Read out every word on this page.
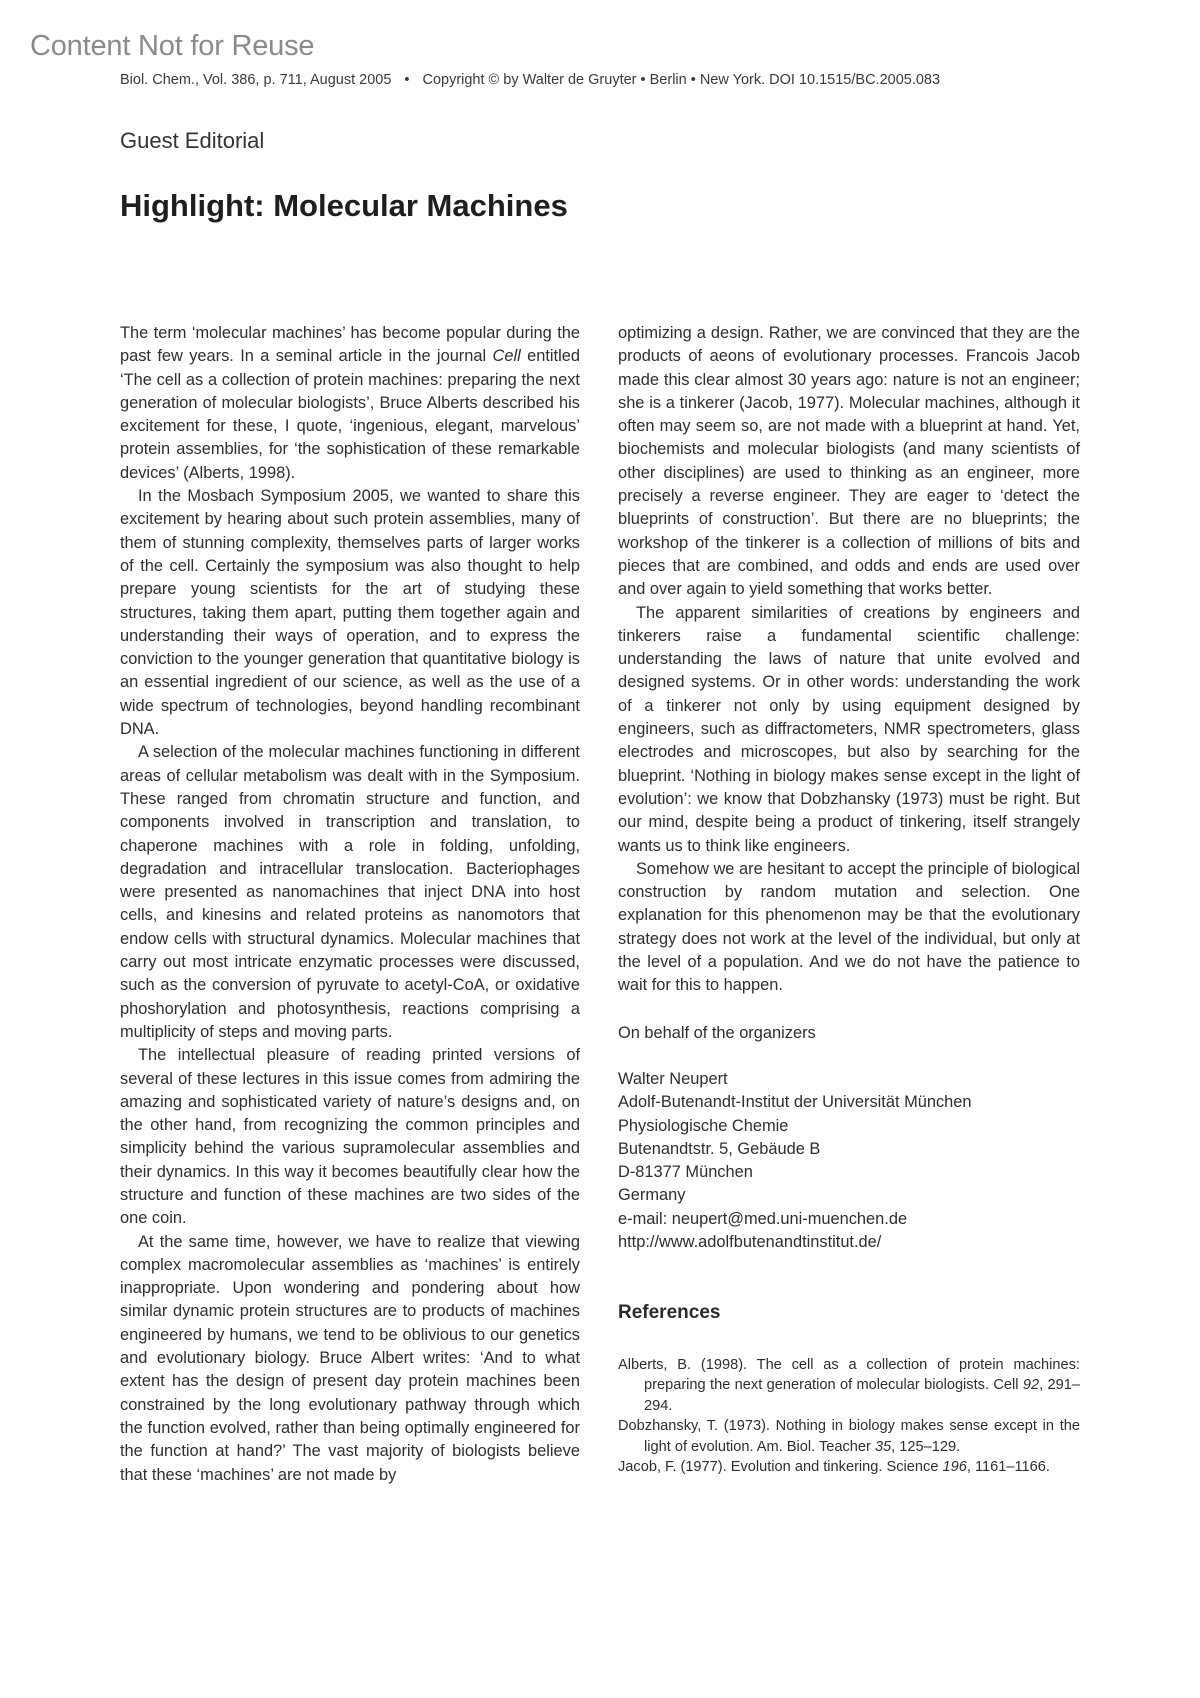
Content Not for Reuse
Biol. Chem., Vol. 386, p. 711, August 2005 • Copyright © by Walter de Gruyter • Berlin • New York. DOI 10.1515/BC.2005.083
Guest Editorial
Highlight: Molecular Machines

The term ‘molecular machines’ has become popular during the past few years. In a seminal article in the journal Cell entitled ‘The cell as a collection of protein machines: preparing the next generation of molecular biologists’, Bruce Alberts described his excitement for these, I quote, ‘ingenious, elegant, marvelous’ protein assemblies, for ‘the sophistication of these remarkable devices’ (Alberts, 1998).

In the Mosbach Symposium 2005, we wanted to share this excitement by hearing about such protein assemblies, many of them of stunning complexity, themselves parts of larger works of the cell. Certainly the symposium was also thought to help prepare young scientists for the art of studying these structures, taking them apart, putting them together again and understanding their ways of operation, and to express the conviction to the younger generation that quantitative biology is an essential ingredient of our science, as well as the use of a wide spectrum of technologies, beyond handling recombinant DNA.

A selection of the molecular machines functioning in different areas of cellular metabolism was dealt with in the Symposium. These ranged from chromatin structure and function, and components involved in transcription and translation, to chaperone machines with a role in folding, unfolding, degradation and intracellular translocation. Bacteriophages were presented as nanomachines that inject DNA into host cells, and kinesins and related proteins as nanomotors that endow cells with structural dynamics. Molecular machines that carry out most intricate enzymatic processes were discussed, such as the conversion of pyruvate to acetyl-CoA, or oxidative phoshorylation and photosynthesis, reactions comprising a multiplicity of steps and moving parts.

The intellectual pleasure of reading printed versions of several of these lectures in this issue comes from admiring the amazing and sophisticated variety of nature’s designs and, on the other hand, from recognizing the common principles and simplicity behind the various supramolecular assemblies and their dynamics. In this way it becomes beautifully clear how the structure and function of these machines are two sides of the one coin.

At the same time, however, we have to realize that viewing complex macromolecular assemblies as ‘machines’ is entirely inappropriate. Upon wondering and pondering about how similar dynamic protein structures are to products of machines engineered by humans, we tend to be oblivious to our genetics and evolutionary biology. Bruce Albert writes: ‘And to what extent has the design of present day protein machines been constrained by the long evolutionary pathway through which the function evolved, rather than being optimally engineered for the function at hand?’ The vast majority of biologists believe that these ‘machines’ are not made by

optimizing a design. Rather, we are convinced that they are the products of aeons of evolutionary processes. Francois Jacob made this clear almost 30 years ago: nature is not an engineer; she is a tinkerer (Jacob, 1977). Molecular machines, although it often may seem so, are not made with a blueprint at hand. Yet, biochemists and molecular biologists (and many scientists of other disciplines) are used to thinking as an engineer, more precisely a reverse engineer. They are eager to ‘detect the blueprints of construction’. But there are no blueprints; the workshop of the tinkerer is a collection of millions of bits and pieces that are combined, and odds and ends are used over and over again to yield something that works better.

The apparent similarities of creations by engineers and tinkerers raise a fundamental scientific challenge: understanding the laws of nature that unite evolved and designed systems. Or in other words: understanding the work of a tinkerer not only by using equipment designed by engineers, such as diffractometers, NMR spectrometers, glass electrodes and microscopes, but also by searching for the blueprint. ‘Nothing in biology makes sense except in the light of evolution’: we know that Dobzhansky (1973) must be right. But our mind, despite being a product of tinkering, itself strangely wants us to think like engineers.

Somehow we are hesitant to accept the principle of biological construction by random mutation and selection. One explanation for this phenomenon may be that the evolutionary strategy does not work at the level of the individual, but only at the level of a population. And we do not have the patience to wait for this to happen.

On behalf of the organizers

Walter Neupert
Adolf-Butenandt-Institut der Universität München
Physiologische Chemie
Butenandtstr. 5, Gebäude B
D-81377 München
Germany
e-mail: neupert@med.uni-muenchen.de
http://www.adolfbutenandtinstitut.de/
References
Alberts, B. (1998). The cell as a collection of protein machines: preparing the next generation of molecular biologists. Cell 92, 291–294.
Dobzhansky, T. (1973). Nothing in biology makes sense except in the light of evolution. Am. Biol. Teacher 35, 125–129.
Jacob, F. (1977). Evolution and tinkering. Science 196, 1161–1166.
